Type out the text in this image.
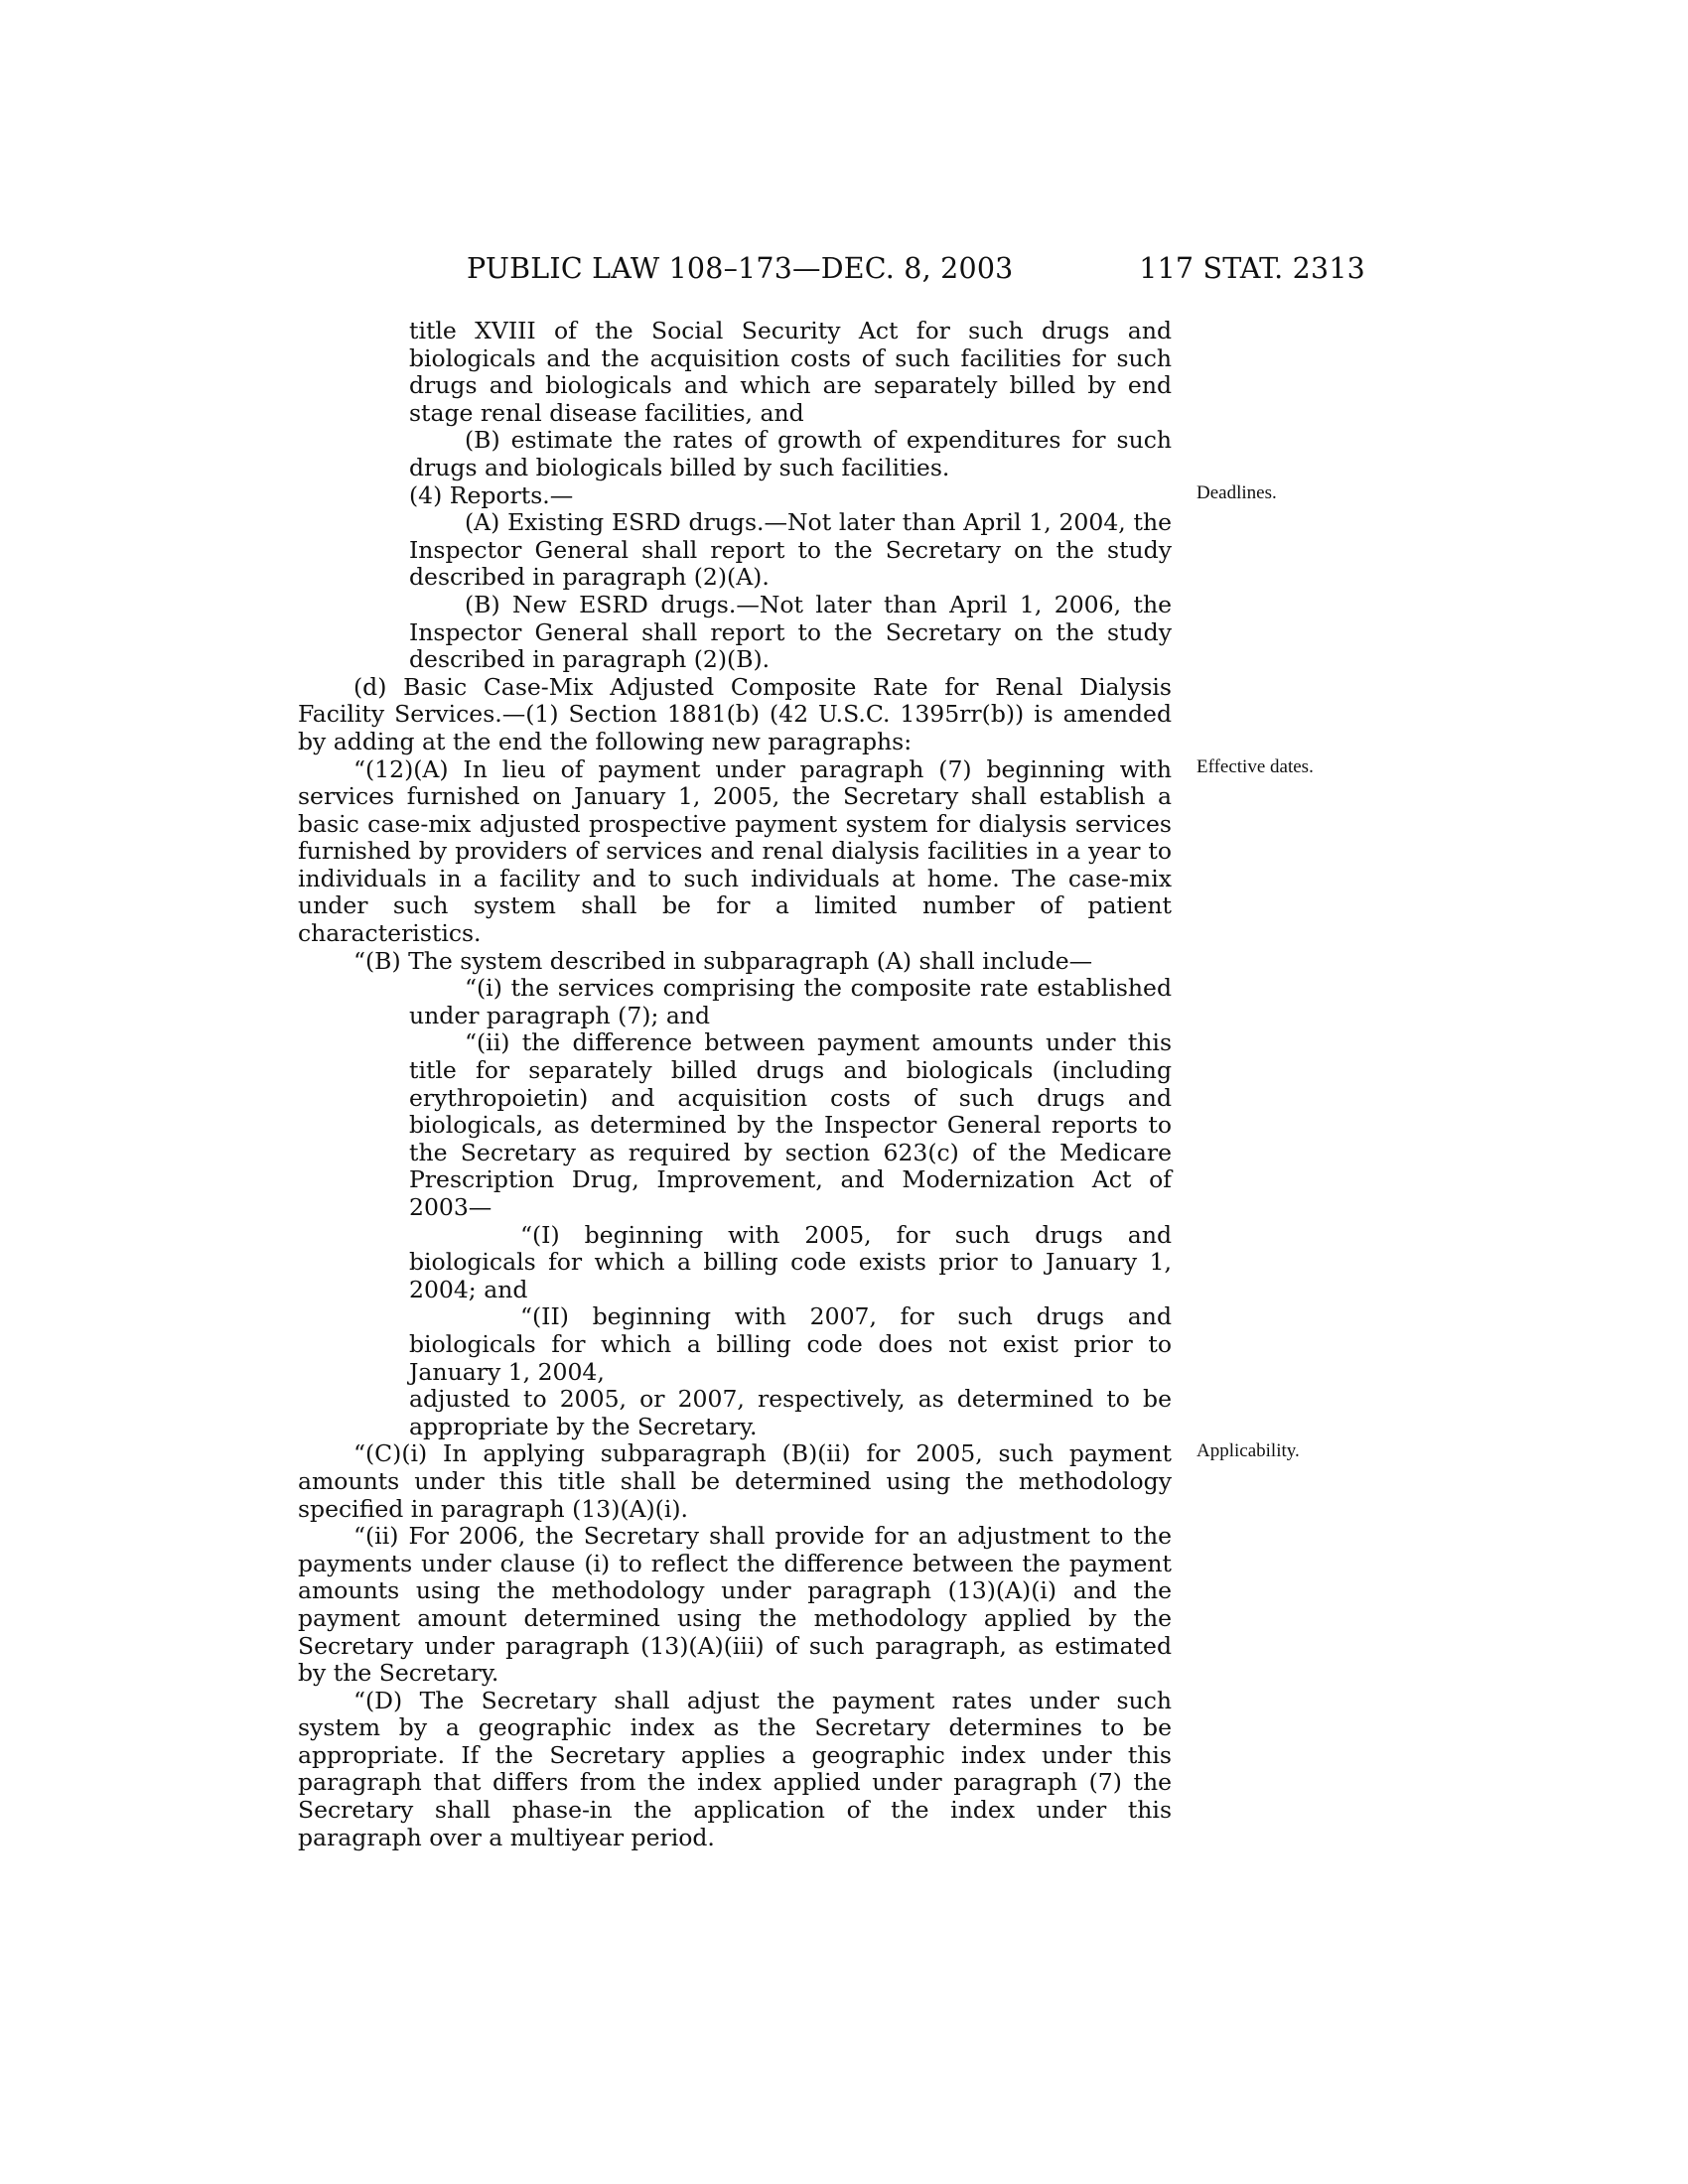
PUBLIC LAW 108–173—DEC. 8, 2003	117 STAT. 2313

title XVIII of the Social Security Act for such drugs and biologicals and the acquisition costs of such facilities for such drugs and biologicals and which are separately billed by end stage renal disease facilities, and

(B) estimate the rates of growth of expenditures for such drugs and biologicals billed by such facilities.

(4) Reports.—	Deadlines.

(A) Existing ESRD drugs.—Not later than April 1, 2004, the Inspector General shall report to the Secretary on the study described in paragraph (2)(A).

(B) New ESRD drugs.—Not later than April 1, 2006, the Inspector General shall report to the Secretary on the study described in paragraph (2)(B).

(d) Basic Case-Mix Adjusted Composite Rate for Renal Dialysis Facility Services.—(1) Section 1881(b) (42 U.S.C. 1395rr(b)) is amended by adding at the end the following new paragraphs:

“(12)(A) In lieu of payment under paragraph (7) beginning with services furnished on January 1, 2005, the Secretary shall establish a basic case-mix adjusted prospective payment system for dialysis services furnished by providers of services and renal dialysis facilities in a year to individuals in a facility and to such individuals at home. The case-mix under such system shall be for a limited number of patient characteristics.
Effective dates.

“(B) The system described in subparagraph (A) shall include—

“(i) the services comprising the composite rate established under paragraph (7); and

“(ii) the difference between payment amounts under this title for separately billed drugs and biologicals (including erythropoietin) and acquisition costs of such drugs and biologicals, as determined by the Inspector General reports to the Secretary as required by section 623(c) of the Medicare Prescription Drug, Improvement, and Modernization Act of 2003—

“(I) beginning with 2005, for such drugs and biologicals for which a billing code exists prior to January 1, 2004; and

“(II) beginning with 2007, for such drugs and biologicals for which a billing code does not exist prior to January 1, 2004,

adjusted to 2005, or 2007, respectively, as determined to be appropriate by the Secretary.

“(C)(i) In applying subparagraph (B)(ii) for 2005, such payment amounts under this title shall be determined using the methodology specified in paragraph (13)(A)(i).
Applicability.

“(ii) For 2006, the Secretary shall provide for an adjustment to the payments under clause (i) to reflect the difference between the payment amounts using the methodology under paragraph (13)(A)(i) and the payment amount determined using the methodology applied by the Secretary under paragraph (13)(A)(iii) of such paragraph, as estimated by the Secretary.

“(D) The Secretary shall adjust the payment rates under such system by a geographic index as the Secretary determines to be appropriate. If the Secretary applies a geographic index under this paragraph that differs from the index applied under paragraph (7) the Secretary shall phase-in the application of the index under this paragraph over a multiyear period.
